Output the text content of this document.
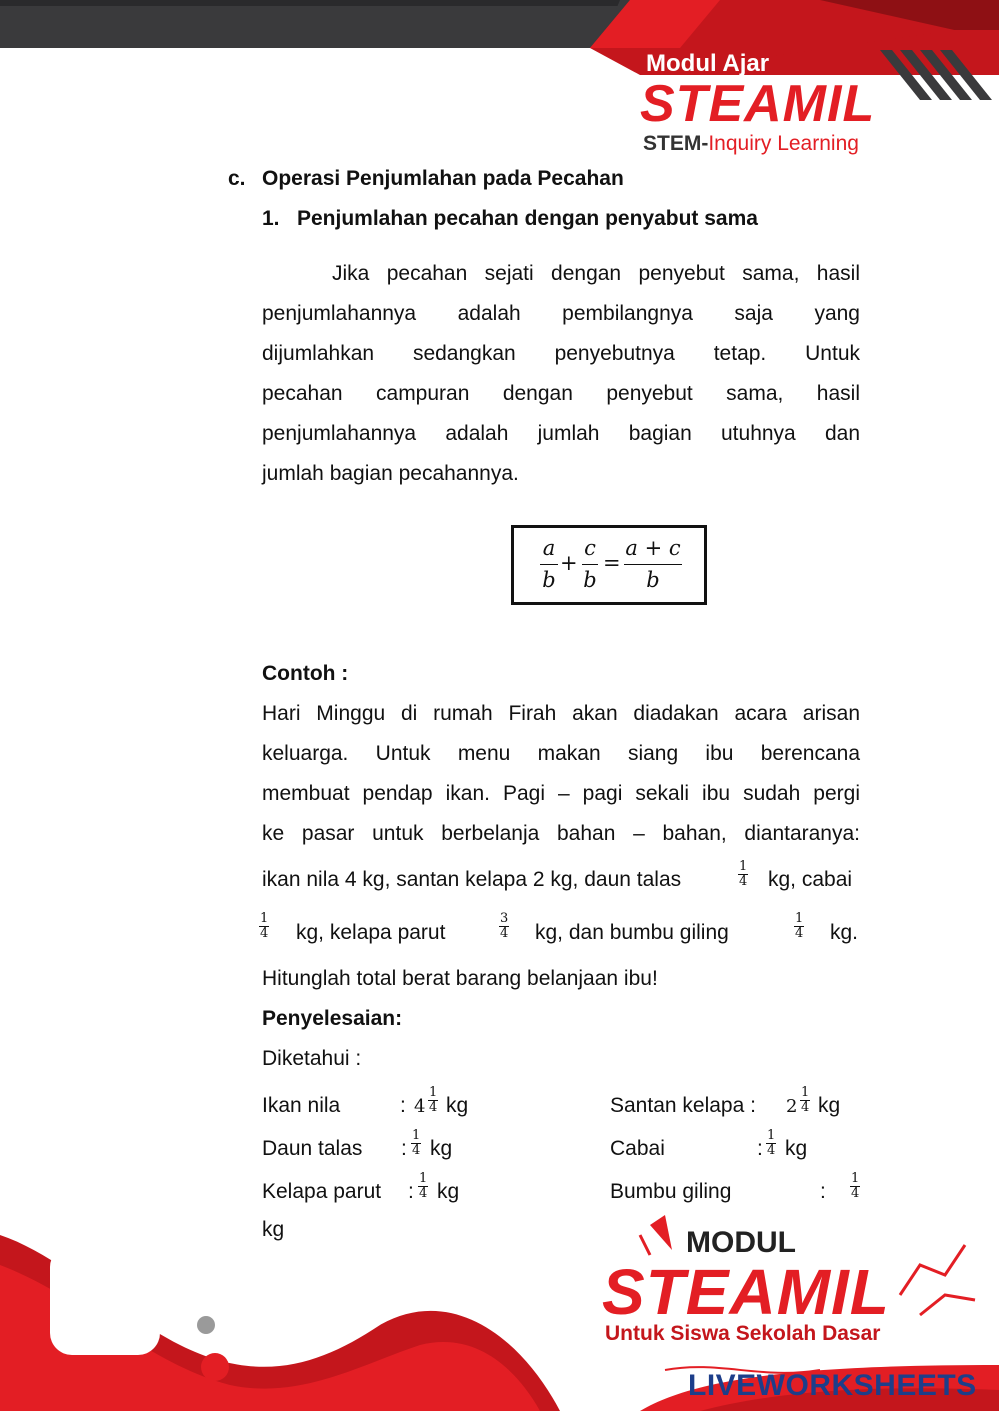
Modul Ajar
STEAMIL
STEM-Inquiry Learning
c. Operasi Penjumlahan pada Pecahan
1. Penjumlahan pecahan dengan penyabut sama

Jika pecahan sejati dengan penyebut sama, hasil

penjumlahannya adalah pembilangnya saja yang

dijumlahkan sedangkan penyebutnya tetap. Untuk

pecahan campuran dengan penyebut sama, hasil

penjumlahannya adalah jumlah bagian utuhnya dan

jumlah bagian pecahannya.

a
b
+
c
b
=
a + c
b
Contoh :

Hari Minggu di rumah Firah akan diadakan acara arisan

keluarga. Untuk menu makan siang ibu berencana

membuat pendap ikan. Pagi – pagi sekali ibu sudah pergi

ke pasar untuk berbelanja bahan – bahan, diantaranya:

ikan nila 4 kg, santan kelapa 2 kg, daun talas	$\frac{1}{4}$ kg, cabai
$\frac{1}{4}$ kg, kelapa parut	$\frac{3}{4}$ kg, dan bumbu giling	$\frac{1}{4}$ kg.
Hitunglah total berat barang belanjaan ibu!
Penyelesaian:
Diketahui :
Ikan nila	: $4 \frac{1}{4}$ kg	Santan kelapa : $2 \frac{1}{4}$ kg
Daun talas : $\frac{1}{4}$ kg	Cabai	: $\frac{1}{4}$ kg
Kelapa parut : $\frac{1}{4}$ kg	Bumbu giling	: $\frac{1}{4}$
kg	MODUL
STEAMIL
Untuk Siswa Sekolah Dasar
LIVEWORKSHEETS
